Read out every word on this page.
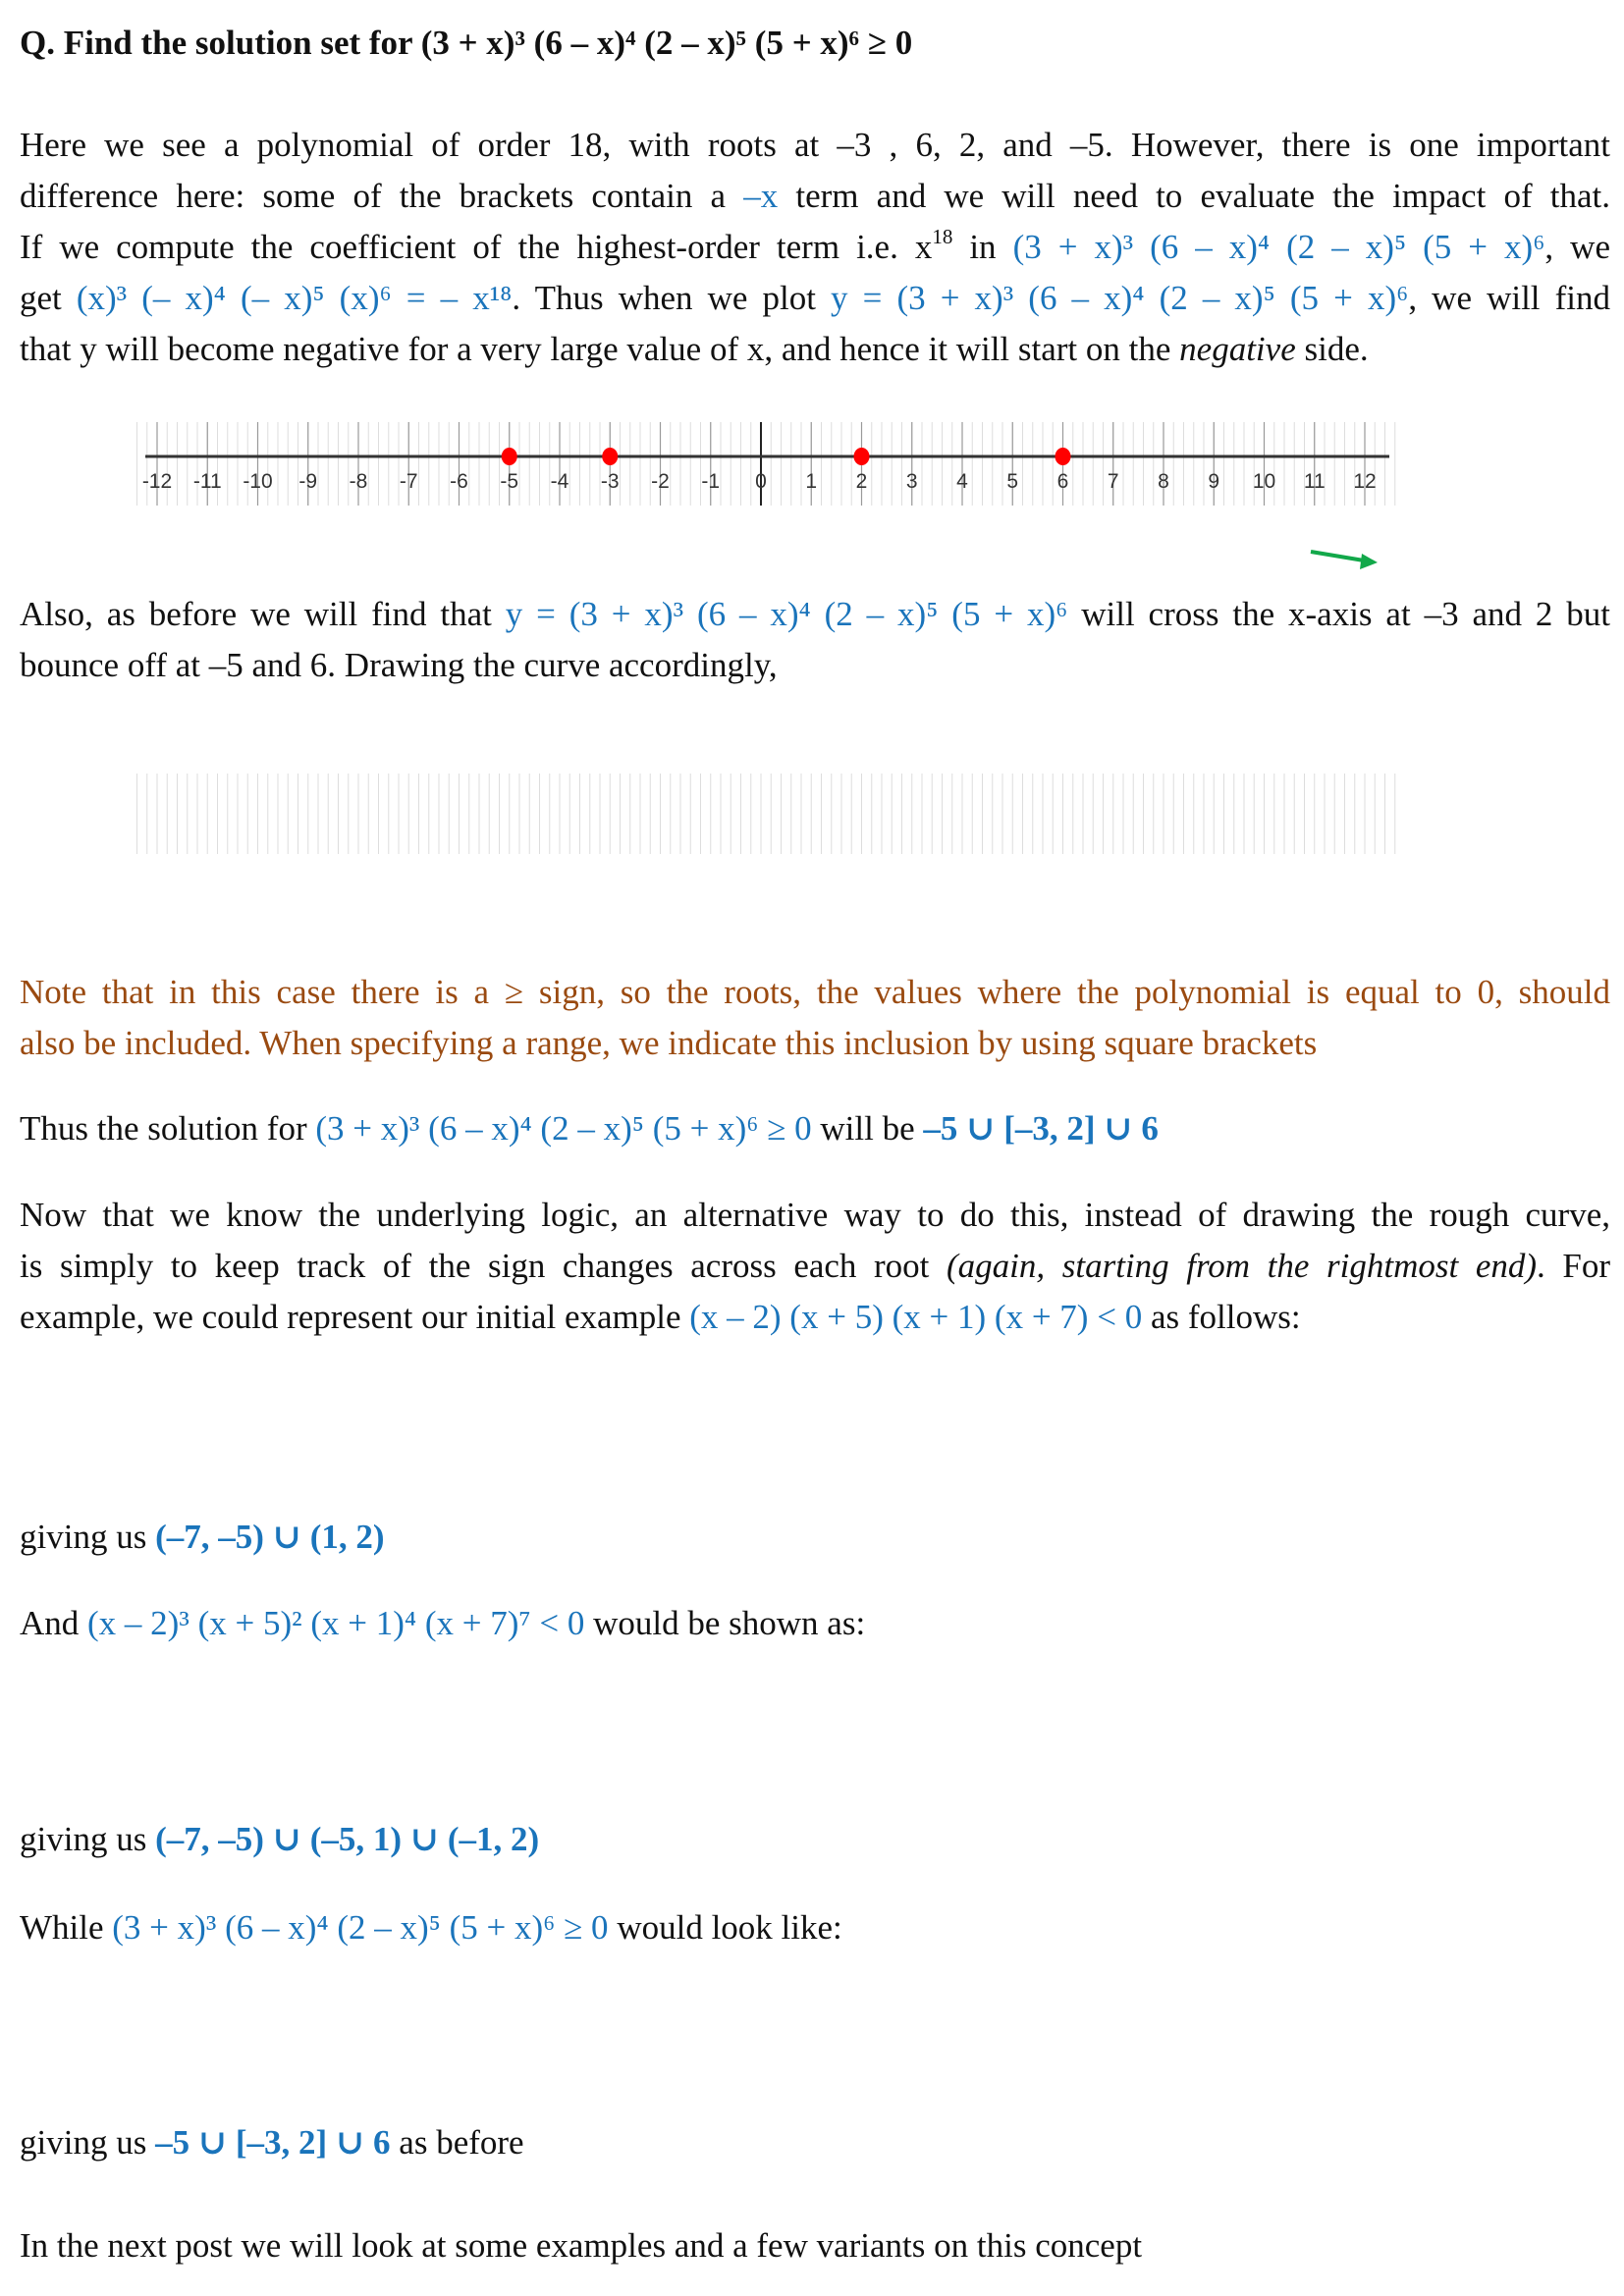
Q. Find the solution set for (3 + x)³ (6 – x)⁴ (2 – x)⁵ (5 + x)⁶ ≥ 0
Here we see a polynomial of order 18, with roots at –3 , 6, 2, and –5. However, there is one important
difference here: some of the brackets contain a –x term and we will need to evaluate the impact of that.
If we compute the coefficient of the highest-order term i.e. $x^{18}$ in (3 + x)³ (6 – x)⁴ (2 – x)⁵ (5 + x)⁶, we
get (x)³ (– x)⁴ (– x)⁵ (x)⁶ = – x¹⁸. Thus when we plot y = (3 + x)³ (6 – x)⁴ (2 – x)⁵ (5 + x)⁶, we will find
that y will become negative for a very large value of x, and hence it will start on the negative side.
-12 -11 -10 -9 -8 -7 -6 -5 -4 -3 -2 -1 0 1 2 3 4 5 6 7 8 9 10 11 12
Also, as before we will find that y = (3 + x)³ (6 – x)⁴ (2 – x)⁵ (5 + x)⁶ will cross the x-axis at –3 and 2 but
bounce off at –5 and 6. Drawing the curve accordingly,
Note that in this case there is a ≥ sign, so the roots, the values where the polynomial is equal to 0, should
also be included. When specifying a range, we indicate this inclusion by using square brackets
Thus the solution for (3 + x)³ (6 – x)⁴ (2 – x)⁵ (5 + x)⁶ ≥ 0 will be –5 ∪ [–3, 2] ∪ 6
Now that we know the underlying logic, an alternative way to do this, instead of drawing the rough curve,
is simply to keep track of the sign changes across each root (again, starting from the rightmost end). For
example, we could represent our initial example (x – 2) (x + 5) (x + 1) (x + 7) < 0 as follows:
giving us (–7, –5) ∪ (1, 2)
And (x – 2)³ (x + 5)² (x + 1)⁴ (x + 7)⁷ < 0 would be shown as:
giving us (–7, –5) ∪ (–5, 1) ∪ (–1, 2)
While (3 + x)³ (6 – x)⁴ (2 – x)⁵ (5 + x)⁶ ≥ 0 would look like:
giving us –5 ∪ [–3, 2] ∪ 6 as before
In the next post we will look at some examples and a few variants on this concept
